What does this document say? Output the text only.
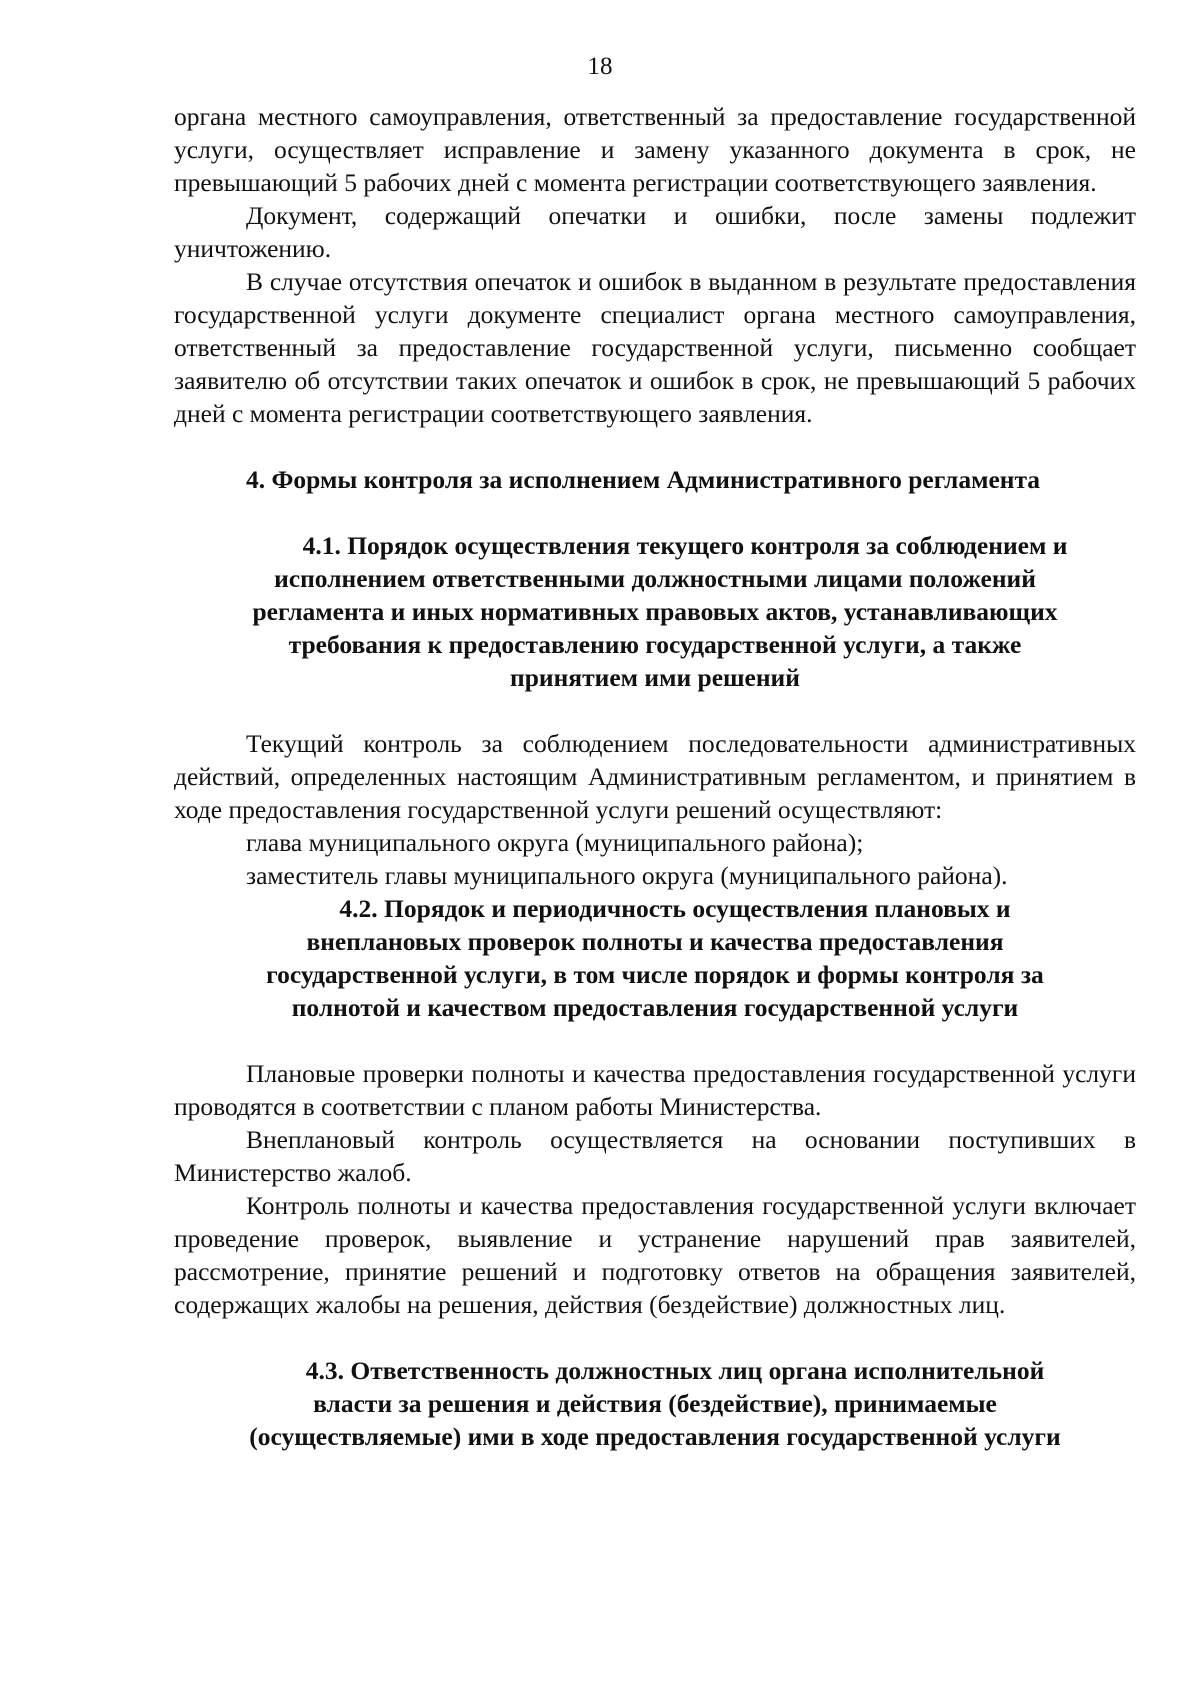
18

органа местного самоуправления, ответственный за предоставление государственной услуги, осуществляет исправление и замену указанного документа в срок, не превышающий 5 рабочих дней с момента регистрации соответствующего заявления.

Документ, содержащий опечатки и ошибки, после замены подлежит уничтожению.

В случае отсутствия опечаток и ошибок в выданном в результате предоставления государственной услуги документе специалист органа местного самоуправления, ответственный за предоставление государственной услуги, письменно сообщает заявителю об отсутствии таких опечаток и ошибок в срок, не превышающий 5 рабочих дней с момента регистрации соответствующего заявления.

4. Формы контроля за исполнением Административного регламента

4.1. Порядок осуществления текущего контроля за соблюдением и
исполнением ответственными должностными лицами положений
регламента и иных нормативных правовых актов, устанавливающих
требования к предоставлению государственной услуги, а также
принятием ими решений

Текущий контроль за соблюдением последовательности административных действий, определенных настоящим Административным регламентом, и принятием в ходе предоставления государственной услуги решений осуществляют:

глава муниципального округа (муниципального района);

заместитель главы муниципального округа (муниципального района).

4.2. Порядок и периодичность осуществления плановых и
внеплановых проверок полноты и качества предоставления
государственной услуги, в том числе порядок и формы контроля за
полнотой и качеством предоставления государственной услуги

Плановые проверки полноты и качества предоставления государственной услуги проводятся в соответствии с планом работы Министерства.

Внеплановый контроль осуществляется на основании поступивших в Министерство жалоб.

Контроль полноты и качества предоставления государственной услуги включает проведение проверок, выявление и устранение нарушений прав заявителей, рассмотрение, принятие решений и подготовку ответов на обращения заявителей, содержащих жалобы на решения, действия (бездействие) должностных лиц.

4.3. Ответственность должностных лиц органа исполнительной
власти за решения и действия (бездействие), принимаемые
(осуществляемые) ими в ходе предоставления государственной услуги
